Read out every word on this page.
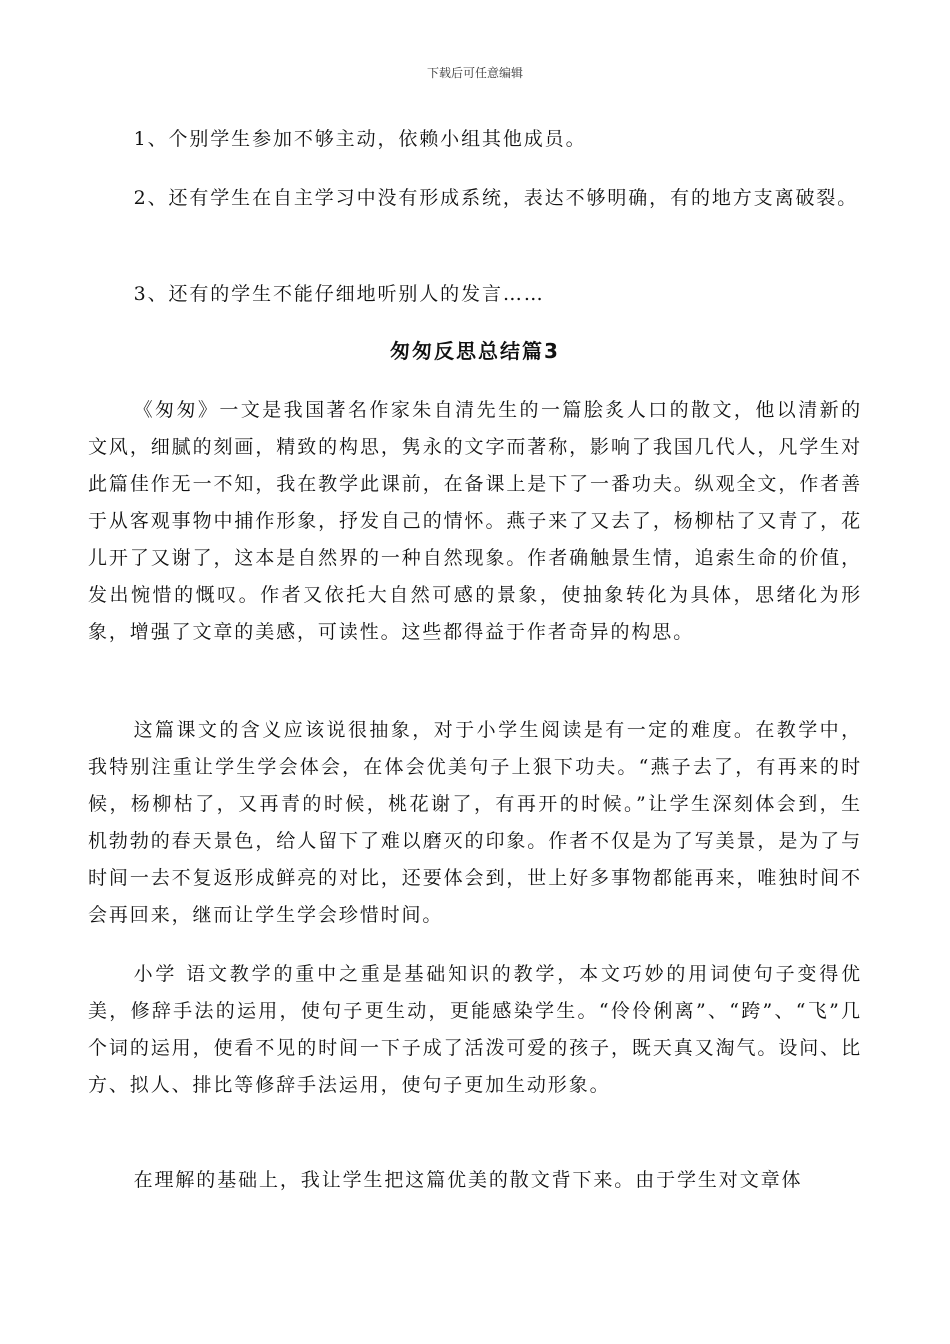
下载后可任意编辑

1、个别学生参加不够主动，依赖小组其他成员。

2、还有学生在自主学习中没有形成系统，表达不够明确，有的地方支离破裂。

3、还有的学生不能仔细地听别人的发言……

匆匆反思总结篇3

《匆匆》一文是我国著名作家朱自清先生的一篇脍炙人口的散文，他以清新的文风，细腻的刻画，精致的构思，隽永的文字而著称，影响了我国几代人，凡学生对此篇佳作无一不知，我在教学此课前，在备课上是下了一番功夫。纵观全文，作者善于从客观事物中捕作形象，抒发自己的情怀。燕子来了又去了，杨柳枯了又青了，花儿开了又谢了，这本是自然界的一种自然现象。作者确触景生情，追索生命的价值，发出惋惜的慨叹。作者又依托大自然可感的景象，使抽象转化为具体，思绪化为形象，增强了文章的美感，可读性。这些都得益于作者奇异的构思。

这篇课文的含义应该说很抽象，对于小学生阅读是有一定的难度。在教学中，我特别注重让学生学会体会，在体会优美句子上狠下功夫。“燕子去了，有再来的时候，杨柳枯了，又再青的时候，桃花谢了，有再开的时候。”让学生深刻体会到，生机勃勃的春天景色，给人留下了难以磨灭的印象。作者不仅是为了写美景，是为了与时间一去不复返形成鲜亮的对比，还要体会到，世上好多事物都能再来，唯独时间不会再回来，继而让学生学会珍惜时间。

小学 语文教学的重中之重是基础知识的教学，本文巧妙的用词使句子变得优美，修辞手法的运用，使句子更生动，更能感染学生。“伶伶俐离”、“跨”、“飞”几个词的运用，使看不见的时间一下子成了活泼可爱的孩子，既天真又淘气。设问、比方、拟人、排比等修辞手法运用，使句子更加生动形象。

在理解的基础上，我让学生把这篇优美的散文背下来。由于学生对文章体
